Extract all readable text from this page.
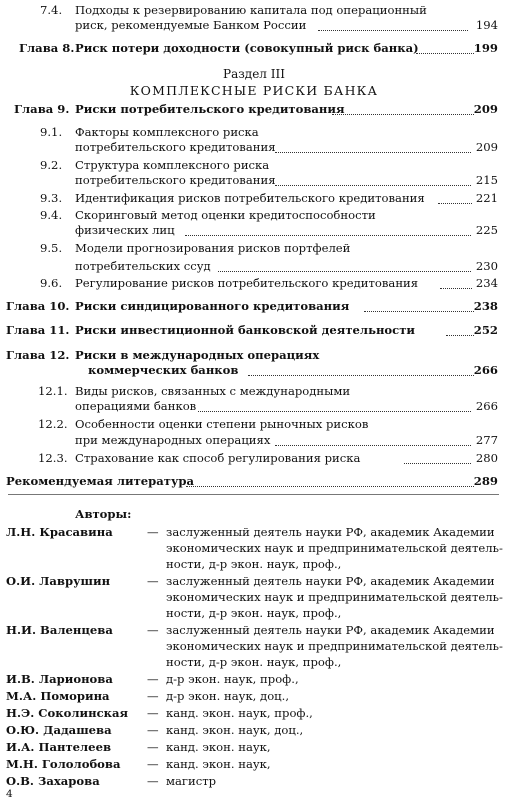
7.4. Подходы к резервированию капитала под операционный
риск, рекомендуемые Банком России	194
Глава 8. Риск потери доходности (совокупный риск банка)	199
Раздел III
КОМПЛЕКСНЫЕ РИСКИ БАНКА
Глава 9. Риски потребительского кредитования	209
9.1. Факторы комплексного риска
потребительского кредитования	209
9.2. Структура комплексного риска
потребительского кредитования	215
9.3. Идентификация рисков потребительского кредитования	221
9.4. Скоринговый метод оценки кредитоспособности
физических лиц	225
9.5. Модели прогнозирования рисков портфелей
потребительских ссуд	230
9.6. Регулирование рисков потребительского кредитования	234
Глава 10. Риски синдицированного кредитования	238
Глава 11. Риски инвестиционной банковской деятельности	252
Глава 12. Риски в международных операциях
коммерческих банков	266
12.1. Виды рисков, связанных с международными
операциями банков	266
12.2. Особенности оценки степени рыночных рисков
при международных операциях	277
12.3. Страхование как способ регулирования риска	280
Рекомендуемая литература	289
Авторы:
Л.Н. Красавина	— заслуженный деятель науки РФ, академик Академии
экономических наук и предпринимательской деятель-
ности, д-р экон. наук, проф.,
О.И. Лаврушин	— заслуженный деятель науки РФ, академик Академии
экономических наук и предпринимательской деятель-
ности, д-р экон. наук, проф.,
Н.И. Валенцева	— заслуженный деятель науки РФ, академик Академии
экономических наук и предпринимательской деятель-
ности, д-р экон. наук, проф.,
И.В. Ларионова	— д-р экон. наук, проф.,
М.А. Поморина	— д-р экон. наук, доц.,
Н.Э. Соколинская — канд. экон. наук, проф.,
О.Ю. Дадашева	— канд. экон. наук, доц.,
И.А. Пантелеев	— канд. экон. наук,
М.Н. Гололобова — канд. экон. наук,
О.В. Захарова	— магистр
4
